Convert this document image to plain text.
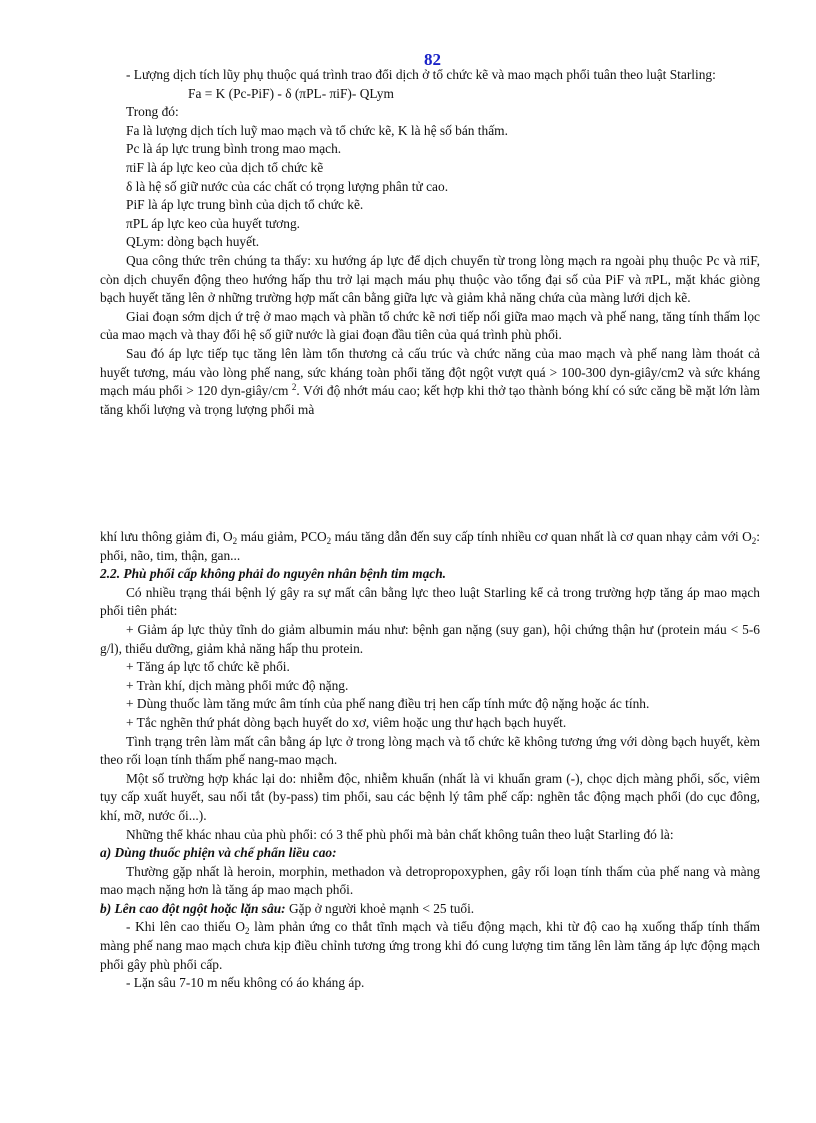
82

- Lượng dịch tích lũy phụ thuộc quá trình trao đổi dịch ở tổ chức kẽ và mao mạch phổi tuân theo luật Starling:

Fa = K (Pc-PiF) - δ (πPL- πiF)- QLym

Trong đó:

Fa là lượng dịch tích luỹ mao mạch và tổ chức kẽ, K là hệ số bán thấm.

Pc là áp lực trung bình trong mao mạch.

πiF là áp lực keo của dịch tổ chức kẽ

δ là hệ số giữ nước của các chất có trọng lượng phân tử cao.

PiF là áp lực trung bình của dịch tổ chức kẽ.

πPL áp lực keo của huyết tương.

QLym: dòng bạch huyết.

Qua công thức trên chúng ta thấy: xu hướng áp lực để dịch chuyển từ trong lòng mạch ra ngoài phụ thuộc Pc và πiF, còn dịch chuyển động theo hướng hấp thu trở lại mạch máu phụ thuộc vào tổng đại số của PiF và πPL, mặt khác giòng bạch huyết tăng lên ở những trường hợp mất cân bằng giữa lực và giảm khả năng chứa của màng lưới dịch kẽ.

Giai đoạn sớm dịch ứ trệ ở mao mạch và phần tổ chức kẽ nơi tiếp nối giữa mao mạch và phế nang, tăng tính thấm lọc của mao mạch và thay đổi hệ số giữ nước là giai đoạn đầu tiên của quá trình phù phổi.

Sau đó áp lực tiếp tục tăng lên làm tổn thương cả cấu trúc và chức năng của mao mạch và phế nang làm thoát cả huyết tương, máu vào lòng phế nang, sức kháng toàn phổi tăng đột ngột vượt quá > 100-300 dyn-giây/cm2 và sức kháng mạch máu phổi > 120 dyn-giây/cm $^2$. Với độ nhớt máu cao; kết hợp khi thở tạo thành bóng khí có sức căng bề mặt lớn làm tăng khối lượng và trọng lượng phổi mà

khí lưu thông giảm đi, $O_2$ máu giảm, $PCO_2$ máu tăng dẫn đến suy cấp tính nhiều cơ quan nhất là cơ quan nhạy cảm với $O_2$: phổi, não, tim, thận, gan...

2.2. Phù phổi cấp không phải do nguyên nhân bệnh tim mạch.

Có nhiều trạng thái bệnh lý gây ra sự mất cân bằng lực theo luật Starling kể cả trong trường hợp tăng áp mao mạch phổi tiên phát:

+ Giảm áp lực thủy tĩnh do giảm albumin máu như: bệnh gan nặng (suy gan), hội chứng thận hư (protein máu < 5-6 g/l), thiểu dưỡng, giảm khả năng hấp thu protein.

+ Tăng áp lực tổ chức kẽ phổi.

+ Tràn khí, dịch màng phổi mức độ nặng.

+ Dùng thuốc làm tăng mức âm tính của phế nang điều trị hen cấp tính mức độ nặng hoặc ác tính.

+ Tắc nghẽn thứ phát dòng bạch huyết do xơ, viêm hoặc ung thư hạch bạch huyết.

Tình trạng trên làm mất cân bằng áp lực ở trong lòng mạch và tổ chức kẽ không tương ứng với dòng bạch huyết, kèm theo rối loạn tính thấm phế nang-mao mạch.

Một số trường hợp khác lại do: nhiễm độc, nhiễm khuẩn (nhất là vi khuẩn gram (-), chọc dịch màng phổi, sốc, viêm tụy cấp xuất huyết, sau nối tắt (by-pass) tim phổi, sau các bệnh lý tâm phế cấp: nghẽn tắc động mạch phổi (do cục đông, khí, mỡ, nước ối...).

Những thể khác nhau của phù phổi: có 3 thể phù phổi mà bản chất không tuân theo luật Starling đó là:

a) Dùng thuốc phiện và chế phẩn liều cao:

Thường gặp nhất là heroin, morphin, methadon và detropropoxyphen, gây rối loạn tính thấm của phế nang và màng mao mạch nặng hơn là tăng áp mao mạch phổi.

b) Lên cao đột ngột hoặc lặn sâu: Gặp ở người khoẻ mạnh < 25 tuổi.

- Khi lên cao thiếu $O_2$ làm phản ứng co thắt tĩnh mạch và tiểu động mạch, khi từ độ cao hạ xuống thấp tính thấm màng phế nang mao mạch chưa kịp điều chỉnh tương ứng trong khi đó cung lượng tim tăng lên làm tăng áp lực động mạch phổi gây phù phổi cấp.

- Lặn sâu 7-10 m nếu không có áo kháng áp.
